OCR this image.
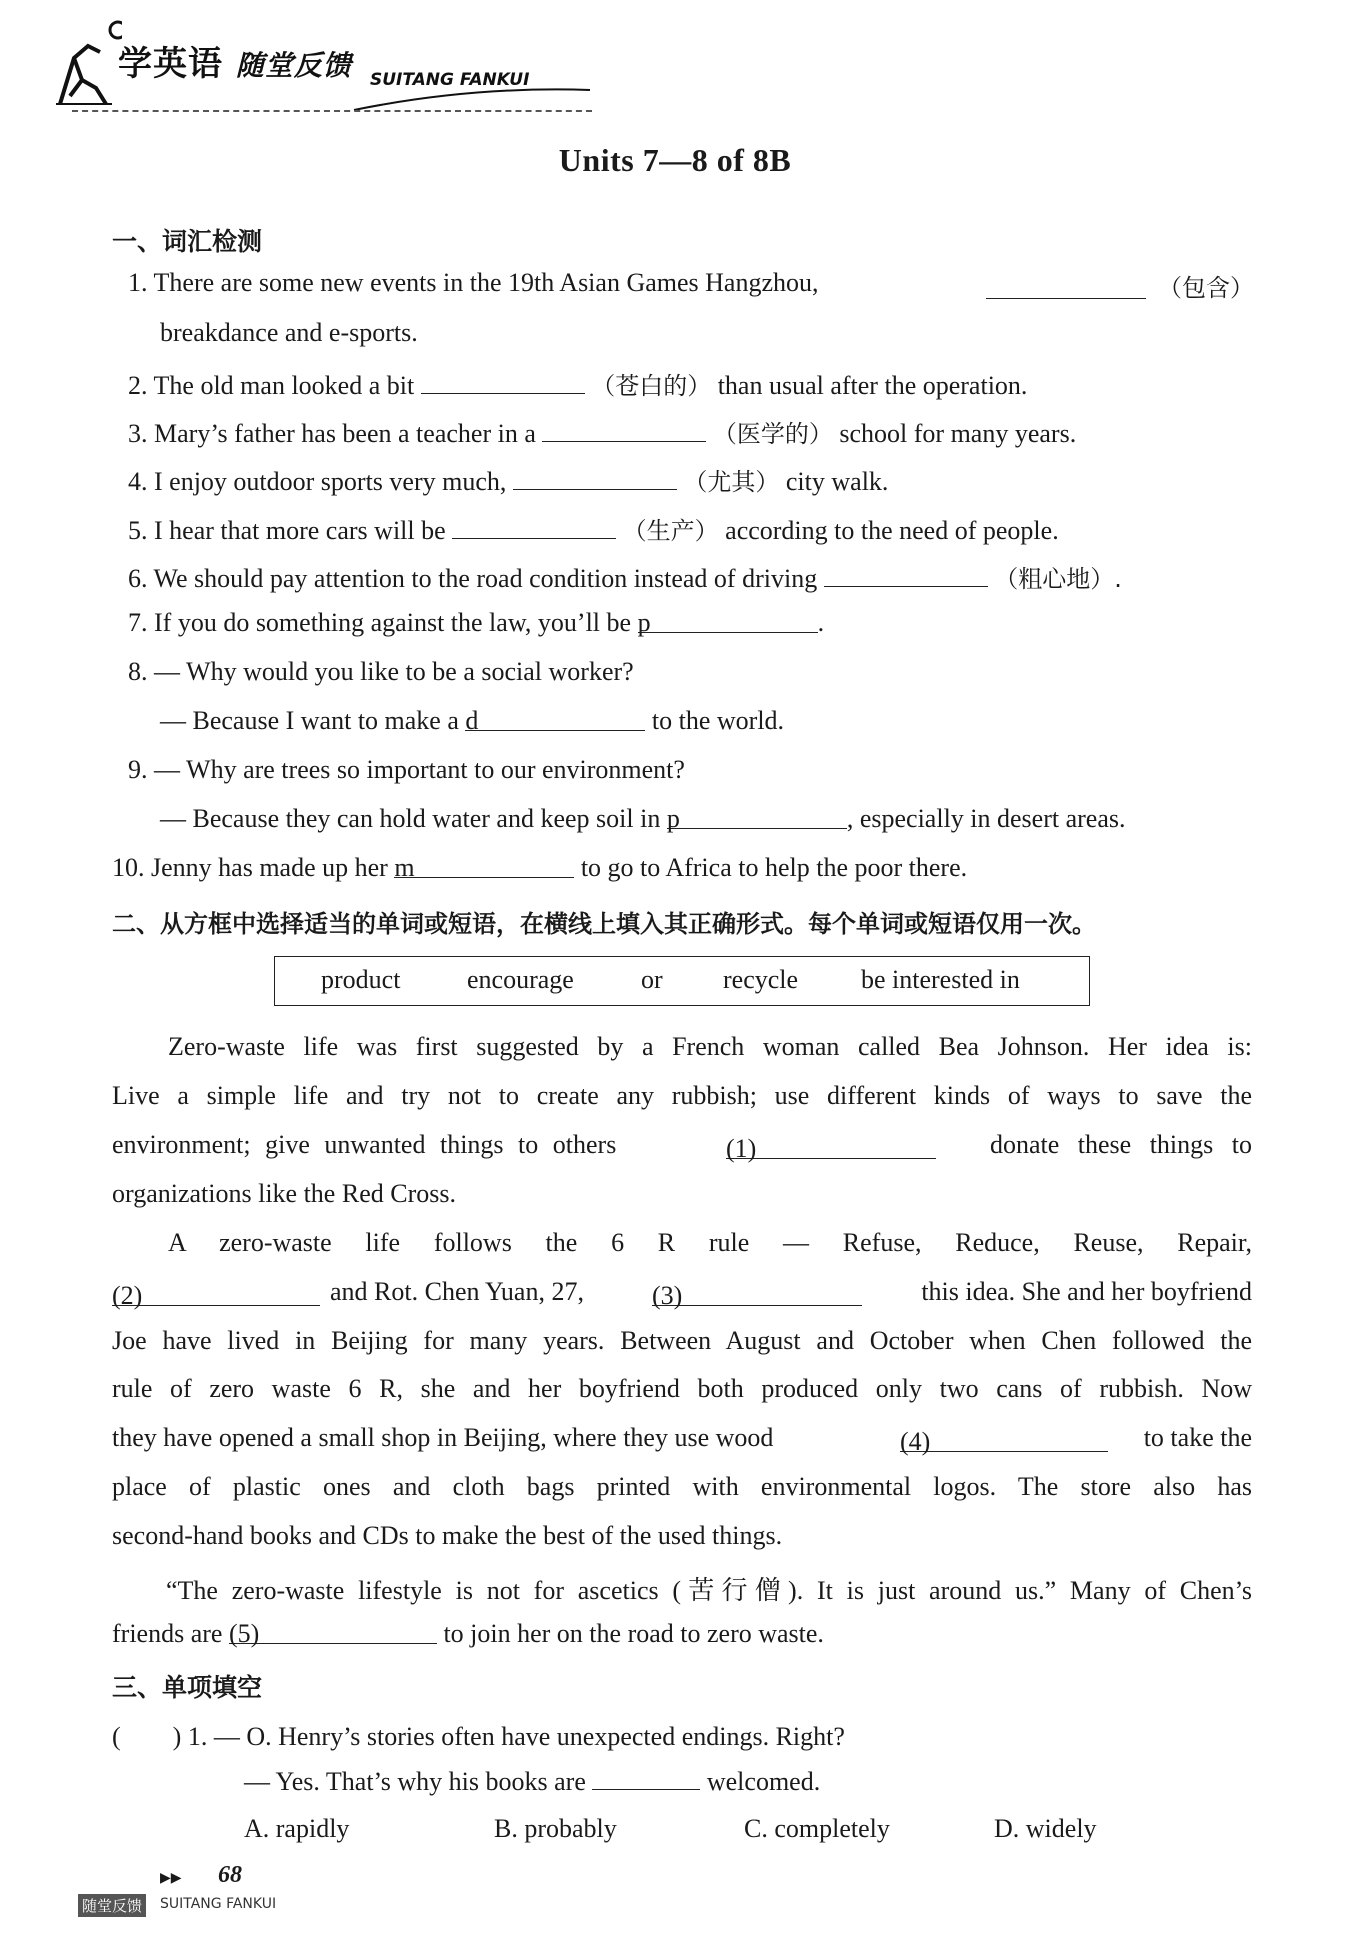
学英语 随堂反馈 SUITANG FANKUI
Units 7—8 of 8B
一、词汇检测
1. There are some new events in the 19th Asian Games Hangzhou,	（包含）
breakdance and e-sports.
2. The old man looked a bit	（苍白的） than usual after the operation.
3. Mary’s father has been a teacher in a	（医学的） school for many years.
4. I enjoy outdoor sports very much,	（尤其） city walk.
5. I hear that more cars will be	（生产） according to the need of people.
6. We should pay attention to the road condition instead of driving	（粗心地）.
7. If you do something against the law, you’ll be p	.
8. — Why would you like to be a social worker?
— Because I want to make a d	to the world.
9. — Why are trees so important to our environment?
— Because they can hold water and keep soil in p	, especially in desert areas.
10. Jenny has made up her m	to go to Africa to help the poor there.
二、从方框中选择适当的单词或短语，在横线上填入其正确形式。每个单词或短语仅用一次。
product	encourage	or recycle be interested in
Zero-waste life was first suggested by a French woman called Bea Johnson. Her idea is:
Live a simple life and try not to create any rubbish; use different kinds of ways to save the
environment; give unwanted things to others	(1)	donate these things to
organizations like the Red Cross.
A zero-waste life follows the 6 R rule — Refuse, Reduce, Reuse, Repair,
(2)	and Rot. Chen Yuan, 27,	(3)	this idea. She and her boyfriend
Joe have lived in Beijing for many years. Between August and October when Chen followed the
rule of zero waste 6 R, she and her boyfriend both produced only two cans of rubbish. Now
they have opened a small shop in Beijing, where they use wood	(4)	to take the
place of plastic ones and cloth bags printed with environmental logos. The store also has
second-hand books and CDs to make the best of the used things.
“The zero-waste lifestyle is not for ascetics (苦行僧). It is just around us.” Many of Chen’s
friends are (5)	to join her on the road to zero waste.
三、单项填空
(　　) 1. — O. Henry’s stories often have unexpected endings. Right?
— Yes. That’s why his books are	welcomed.
A. rapidly	B. probably	C. completely	D. widely
▶▶ 68
随堂反馈 SUITANG FANKUI
